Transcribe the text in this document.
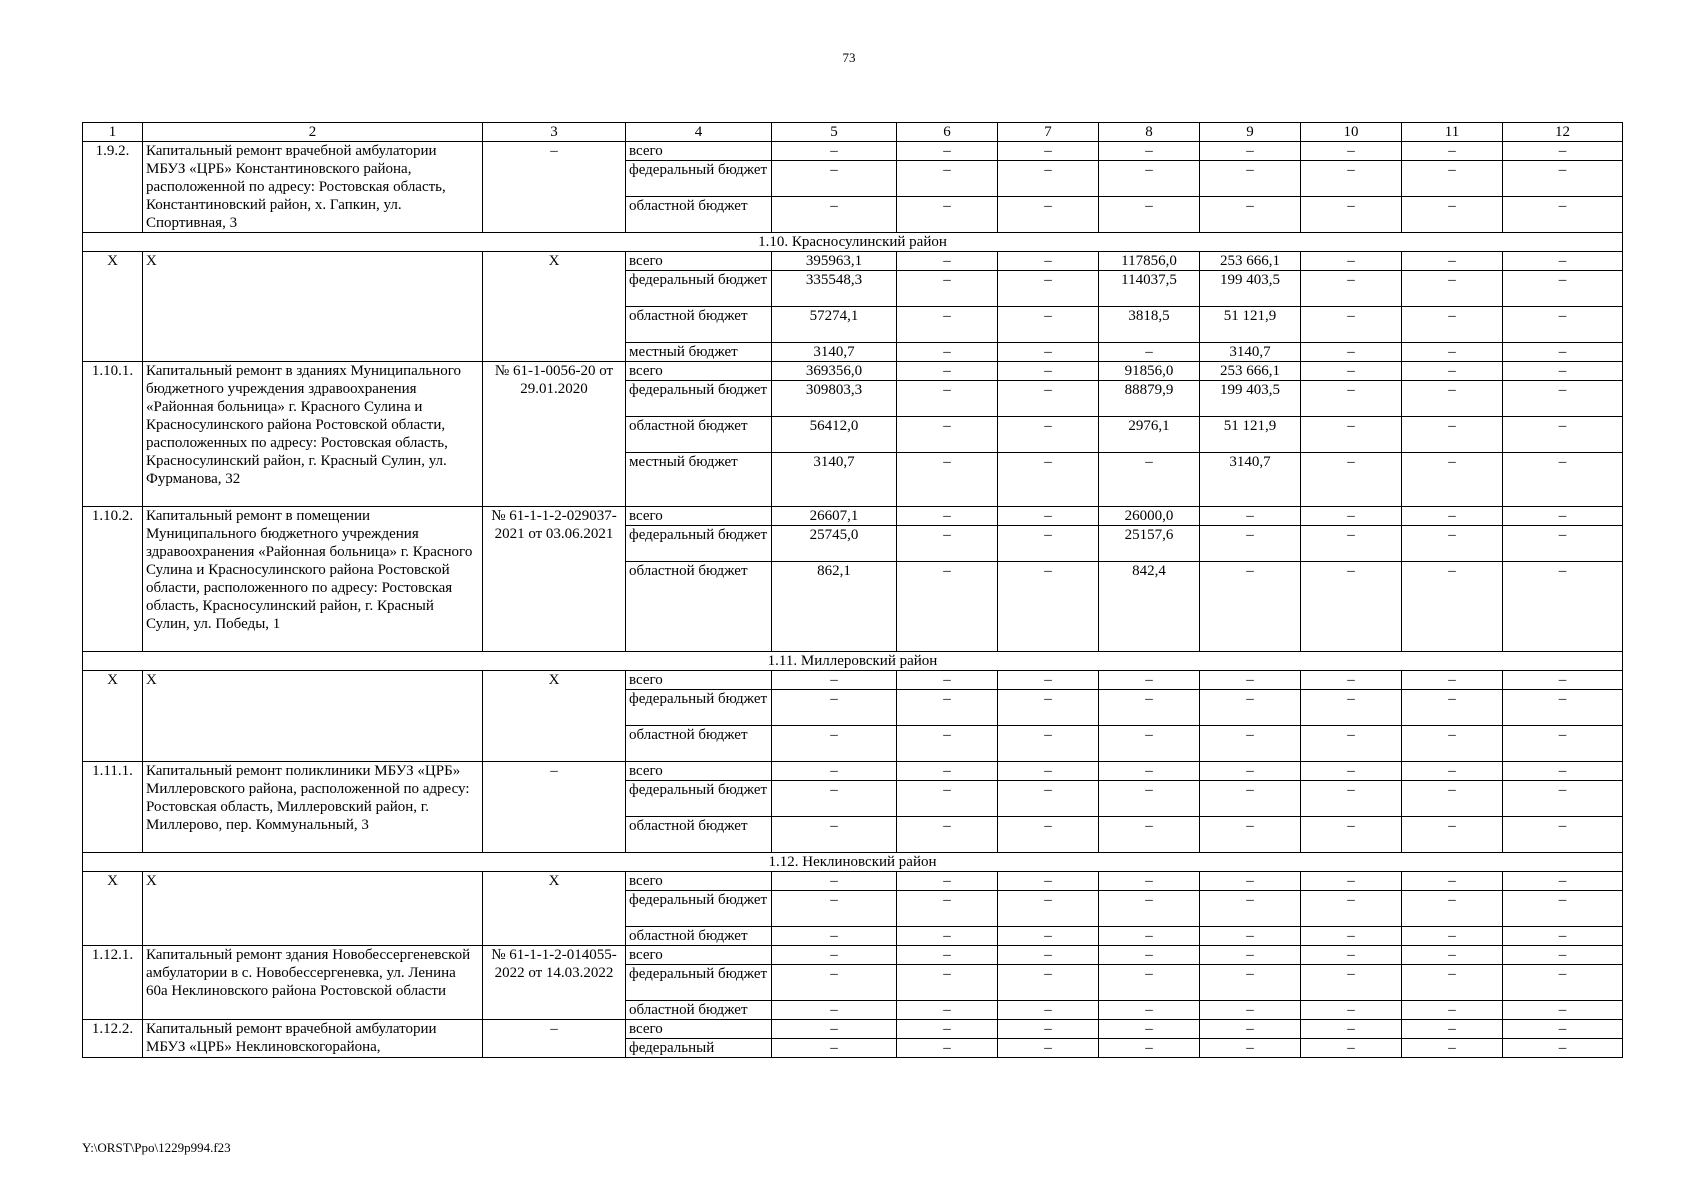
73
1	2	3	4	5	6	7	8	9	10	11	12
1.9.2.	Капитальный ремонт врачебной амбулатории МБУЗ «ЦРБ» Константиновского района, расположенной по адресу: Ростовская область, Константиновский район, х. Гапкин, ул. Спортивная, 3	–	всего	–	–	–	–	–	–	–	–
			федеральный бюджет	–	–	–	–	–	–	–	–
			областной бюджет	–	–	–	–	–	–	–	–
1.10. Красносулинский район											
X	X	X	всего	395963,1	–	–	117856,0	253 666,1	–	–	–
			федеральный бюджет	335548,3	–	–	114037,5	199 403,5	–	–	–
			областной бюджет	57274,1	–	–	3818,5	51 121,9	–	–	–
			местный бюджет	3140,7	–	–	–	3140,7	–	–	–
1.10.1.	Капитальный ремонт в зданиях Муниципального бюджетного учреждения здравоохранения «Районная больница» г. Красного Сулина и Красносулинского района Ростовской области, расположенных по адресу: Ростовская область, Красносулинский район, г. Красный Сулин, ул. Фурманова, 32	№ 61-1-0056-20 от 29.01.2020	всего	369356,0	–	–	91856,0	253 666,1	–	–	–
			федеральный бюджет	309803,3	–	–	88879,9	199 403,5	–	–	–
			областной бюджет	56412,0	–	–	2976,1	51 121,9	–	–	–
			местный бюджет	3140,7	–	–	–	3140,7	–	–	–
1.10.2.	Капитальный ремонт в помещении Муниципального бюджетного учреждения здравоохранения «Районная больница» г. Красного Сулина и Красносулинского района Ростовской области, расположенного по адресу: Ростовская область, Красносулинский район, г. Красный Сулин, ул. Победы, 1	№ 61-1-1-2-029037-2021 от 03.06.2021	всего	26607,1	–	–	26000,0	–	–	–	–
			федеральный бюджет	25745,0	–	–	25157,6	–	–	–	–
			областной бюджет	862,1	–	–	842,4	–	–	–	–
1.11. Миллеровский район											
X	X	X	всего	–	–	–	–	–	–	–	–
			федеральный бюджет	–	–	–	–	–	–	–	–
			областной бюджет	–	–	–	–	–	–	–	–
1.11.1.	Капитальный ремонт поликлиники МБУЗ «ЦРБ» Миллеровского района, расположенной по адресу: Ростовская область, Миллеровский район, г. Миллерово, пер. Коммунальный, 3	–	всего	–	–	–	–	–	–	–	–
			федеральный бюджет	–	–	–	–	–	–	–	–
			областной бюджет	–	–	–	–	–	–	–	–
1.12. Неклиновский район											
X	X	X	всего	–	–	–	–	–	–	–	–
			федеральный бюджет	–	–	–	–	–	–	–	–
			областной бюджет	–	–	–	–	–	–	–	–
1.12.1.	Капитальный ремонт здания Новобессергеневской амбулатории в с. Новобессергеневка, ул. Ленина 60а Неклиновского района Ростовской области	№ 61-1-1-2-014055-2022 от 14.03.2022	всего	–	–	–	–	–	–	–	–
			федеральный бюджет	–	–	–	–	–	–	–	–
			областной бюджет	–	–	–	–	–	–	–	–
1.12.2.	Капитальный ремонт врачебной амбулатории МБУЗ «ЦРБ» Неклиновскогорайона,	–	всего	–	–	–	–	–	–	–	–
			федеральный	–	–	–	–	–	–	–	–
Y:\ORST\Ppo\1229p994.f23
